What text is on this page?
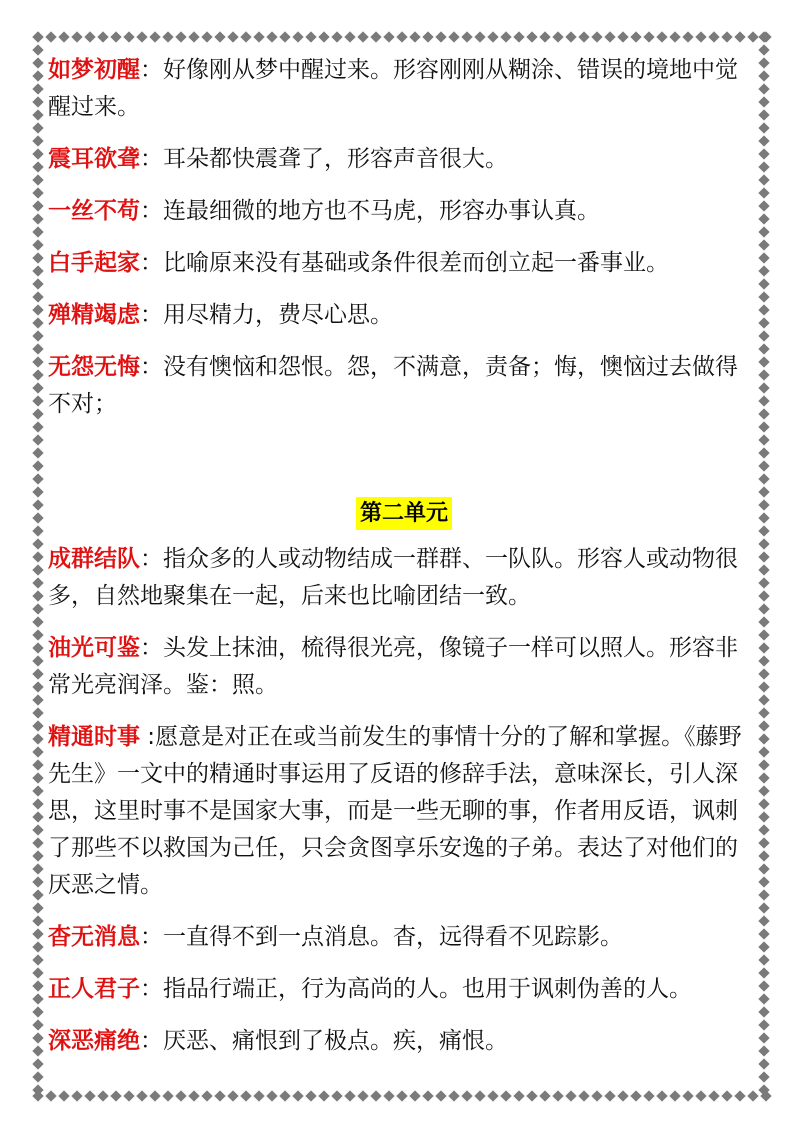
如梦初醒：好像刚从梦中醒过来。形容刚刚从糊涂、错误的境地中觉醒过来。
震耳欲聋：耳朵都快震聋了，形容声音很大。
一丝不苟：连最细微的地方也不马虎，形容办事认真。
白手起家：比喻原来没有基础或条件很差而创立起一番事业。
殚精竭虑：用尽精力，费尽心思。
无怨无悔：没有懊恼和怨恨。怨，不满意，责备；悔，懊恼过去做得不对；
第二单元
成群结队：指众多的人或动物结成一群群、一队队。形容人或动物很多，自然地聚集在一起，后来也比喻团结一致。
油光可鉴：头发上抹油，梳得很光亮，像镜子一样可以照人。形容非常光亮润泽。鉴：照。
精通时事 :愿意是对正在或当前发生的事情十分的了解和掌握。《藤野先生》一文中的精通时事运用了反语的修辞手法，意味深长，引人深思，这里时事不是国家大事，而是一些无聊的事，作者用反语，讽刺了那些不以救国为己任，只会贪图享乐安逸的子弟。表达了对他们的厌恶之情。
杳无消息：一直得不到一点消息。杳，远得看不见踪影。
正人君子：指品行端正，行为高尚的人。也用于讽刺伪善的人。
深恶痛绝：厌恶、痛恨到了极点。疾，痛恨。
